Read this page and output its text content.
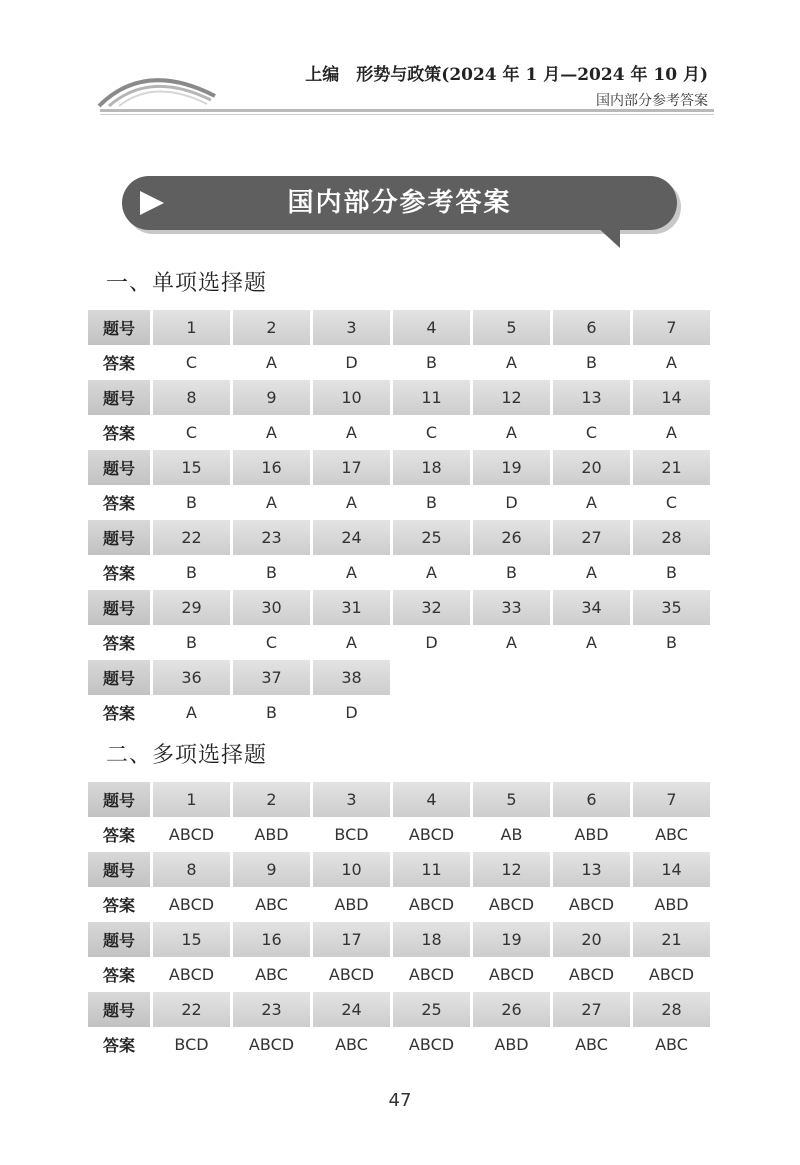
上编　形势与政策(2024 年 1 月—2024 年 10 月)
国内部分参考答案
国内部分参考答案
一、单项选择题
题号	1	2	3	4	5	6	7
答案	C	A	D	B	A	B	A
题号	8	9	10	11	12	13	14
答案	C	A	A	C	A	C	A
题号	15	16	17	18	19	20	21
答案	B	A	A	B	D	A	C
题号	22	23	24	25	26	27	28
答案	B	B	A	A	B	A	B
题号	29	30	31	32	33	34	35
答案	B	C	A	D	A	A	B
题号	36	37	38
答案	A	B	D
二、多项选择题
题号	1	2	3	4	5	6	7
答案	ABCD	ABD	BCD	ABCD	AB	ABD	ABC
题号	8	9	10	11	12	13	14
答案	ABCD	ABC	ABD	ABCD	ABCD	ABCD	ABD
题号	15	16	17	18	19	20	21
答案	ABCD	ABC	ABCD	ABCD	ABCD	ABCD	ABCD
题号	22	23	24	25	26	27	28
答案	BCD	ABCD	ABC	ABCD	ABD	ABC	ABC
47
